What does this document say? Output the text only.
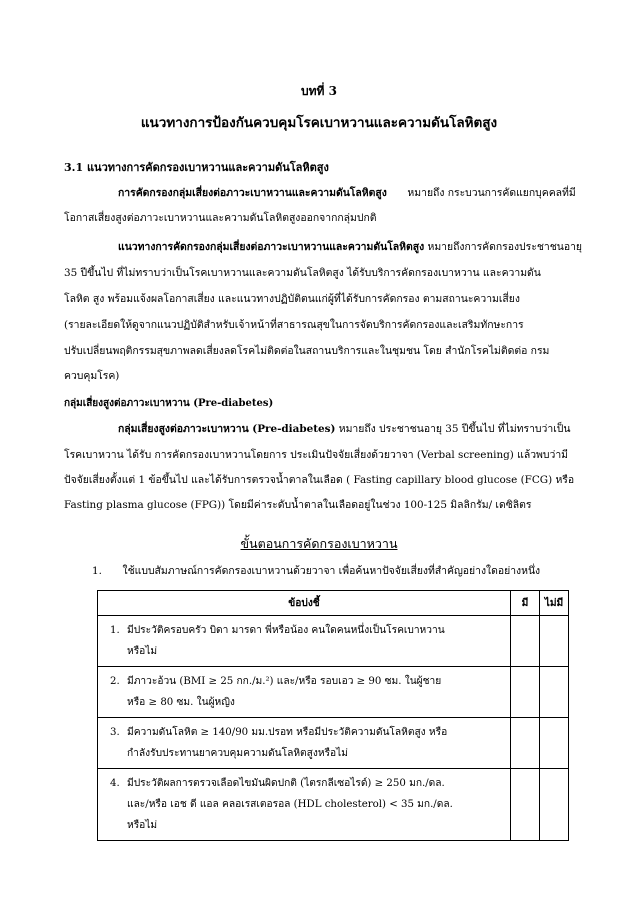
บทที่ 3
แนวทางการป้องกันควบคุมโรคเบาหวานและความดันโลหิตสูง
3.1 แนวทางการคัดกรองเบาหวานและความดันโลหิตสูง
การคัดกรองกลุ่มเสี่ยงต่อภาวะเบาหวานและความดันโลหิตสูง หมายถึง กระบวนการคัดแยกบุคคลที่มี
โอกาสเสี่ยงสูงต่อภาวะเบาหวานและความดันโลหิตสูงออกจากกลุ่มปกติ
แนวทางการคัดกรองกลุ่มเสี่ยงต่อภาวะเบาหวานและความดันโลหิตสูง หมายถึงการคัดกรองประชาชนอายุ
35 ปีขึ้นไป ที่ไม่ทราบว่าเป็นโรคเบาหวานและความดันโลหิตสูง ได้รับบริการคัดกรองเบาหวาน และความดัน
โลหิต สูง พร้อมแจ้งผลโอกาสเสี่ยง และแนวทางปฏิบัติตนแก่ผู้ที่ได้รับการคัดกรอง ตามสถานะความเสี่ยง
(รายละเอียดให้ดูจากแนวปฏิบัติสำหรับเจ้าหน้าที่สาธารณสุขในการจัดบริการคัดกรองและเสริมทักษะการ
ปรับเปลี่ยนพฤติกรรมสุขภาพลดเสี่ยงลดโรคไม่ติดต่อในสถานบริการและในชุมชน โดย สำนักโรคไม่ติดต่อ กรม
ควบคุมโรค)
กลุ่มเสี่ยงสูงต่อภาวะเบาหวาน (Pre-diabetes)
กลุ่มเสี่ยงสูงต่อภาวะเบาหวาน (Pre-diabetes) หมายถึง ประชาชนอายุ 35 ปีขึ้นไป ที่ไม่ทราบว่าเป็น
โรคเบาหวาน ได้รับ การคัดกรองเบาหวานโดยการ ประเมินปัจจัยเสี่ยงด้วยวาจา (Verbal screening) แล้วพบว่ามี
ปัจจัยเสี่ยงตั้งแต่ 1 ข้อขึ้นไป และได้รับการตรวจน้ำตาลในเลือด ( Fasting capillary blood glucose (FCG) หรือ
Fasting plasma glucose (FPG)) โดยมีค่าระดับน้ำตาลในเลือดอยู่ในช่วง 100-125 มิลลิกรัม/ เดซิลิตร
ขั้นตอนการคัดกรองเบาหวาน
1. ใช้แบบสัมภาษณ์การคัดกรองเบาหวานด้วยวาจา เพื่อค้นหาปัจจัยเสี่ยงที่สำคัญอย่างใดอย่างหนึ่ง
ข้อบ่งชี้	มี	ไม่มี

1. มีประวัติครอบครัว บิดา มารดา พี่หรือน้อง คนใดคนหนึ่งเป็นโรคเบาหวาน
หรือไม่		

2. มีภาวะอ้วน (BMI ≥ 25 กก./ม.²) และ/หรือ รอบเอว ≥ 90 ซม. ในผู้ชาย
หรือ ≥ 80 ซม. ในผู้หญิง		

3. มีความดันโลหิต ≥ 140/90 มม.ปรอท หรือมีประวัติความดันโลหิตสูง หรือ
กำลังรับประทานยาควบคุมความดันโลหิตสูงหรือไม่		

4. มีประวัติผลการตรวจเลือดไขมันผิดปกติ (ไตรกลีเซอไรด์) ≥ 250 มก./ดล.
และ/หรือ เอช ดี แอล คลอเรสเตอรอล (HDL cholesterol) < 35 มก./ดล.
หรือไม่		
